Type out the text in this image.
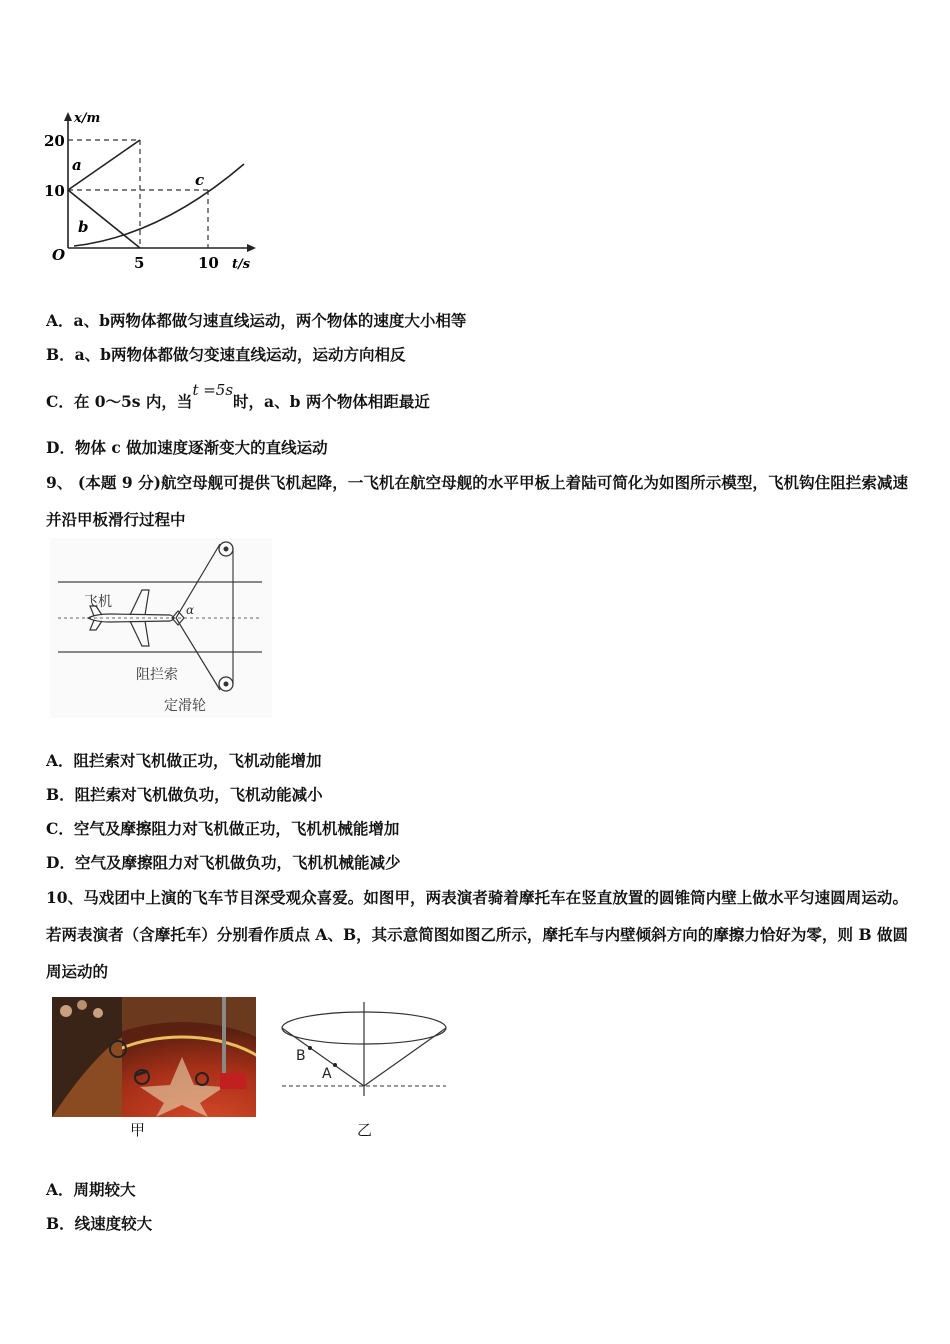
x/m
20
10
O	5	10 t/s
a
b
c
A．a、b两物体都做匀速直线运动，两个物体的速度大小相等
B．a、b两物体都做匀变速直线运动，运动方向相反
C．在 0～5s 内，当t =5s时，a、b 两个物体相距最近
D．物体 c 做加速度逐渐变大的直线运动
9、 (本题 9 分)航空母舰可提供飞机起降，一飞机在航空母舰的水平甲板上着陆可简化为如图所示模型，飞机钩住阻拦索减速并沿甲板滑行过程中
α
飞机
阻拦索
定滑轮
A．阻拦索对飞机做正功，飞机动能增加
B．阻拦索对飞机做负功，飞机动能减小
C．空气及摩擦阻力对飞机做正功，飞机机械能增加
D．空气及摩擦阻力对飞机做负功，飞机机械能减少
10、马戏团中上演的飞车节目深受观众喜爱。如图甲，两表演者骑着摩托车在竖直放置的圆锥筒内壁上做水平匀速圆周运动。若两表演者（含摩托车）分别看作质点 A、B，其示意简图如图乙所示，摩托车与内壁倾斜方向的摩擦力恰好为零，则 B 做圆周运动的
甲
B
A
乙
A．周期较大
B．线速度较大
